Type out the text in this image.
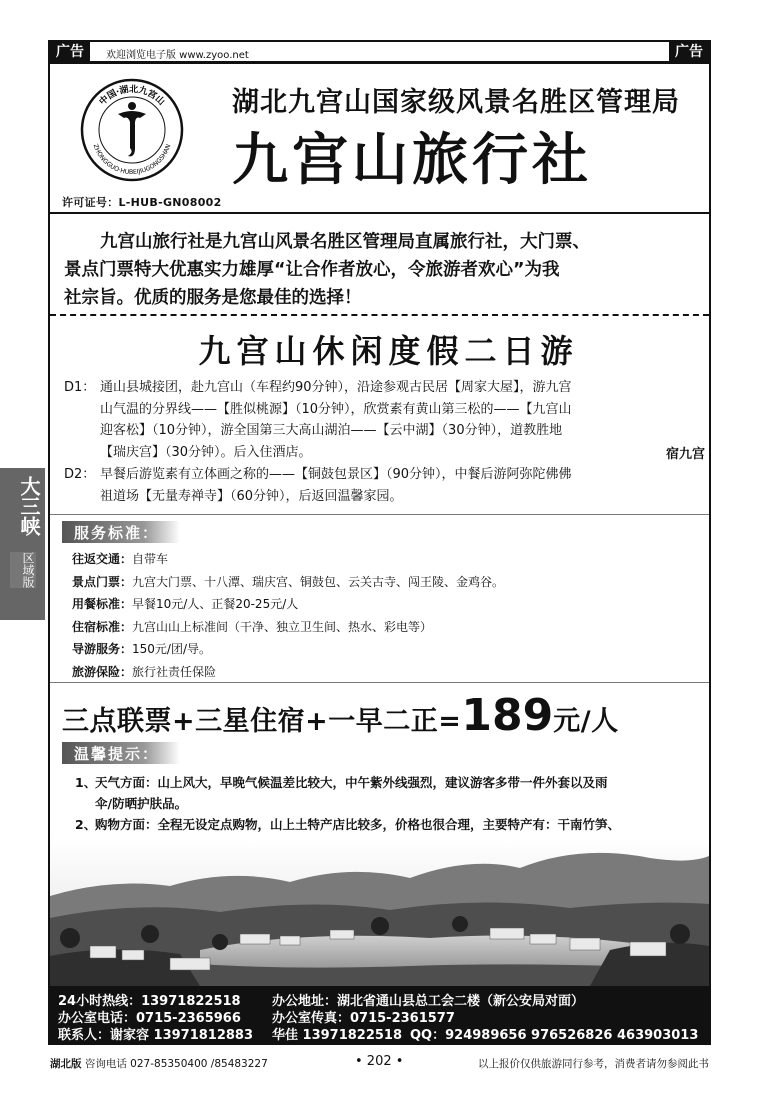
大三峡
区域版
广告	广告
欢迎浏览电子版 www.zyoo.net
中国·湖北九宫山
ZHONGGUO·HUBEIJIUGONGSHAN
许可证号：L-HUB-GN08002
湖北九宫山国家级风景名胜区管理局
九宫山旅行社
九宫山旅行社是九宫山风景名胜区管理局直属旅行社，大门票、
景点门票特大优惠实力雄厚“让合作者放心，令旅游者欢心”为我
社宗旨。优质的服务是您最佳的选择！
九宫山休闲度假二日游
D1： 通山县城接团，赴九宫山（车程约90分钟），沿途参观古民居【周家大屋】，游九宫
山气温的分界线——【胜似桃源】（10分钟），欣赏素有黄山第三松的——【九宫山
迎客松】（10分钟），游全国第三大高山湖泊——【云中湖】（30分钟），道教胜地
【瑞庆宫】（30分钟）。后入住酒店。	宿九宫
D2： 早餐后游览素有立体画之称的——【铜鼓包景区】（90分钟），中餐后游阿弥陀佛佛
祖道场【无量寿禅寺】（60分钟），后返回温馨家园。
服务标准：
往返交通：自带车
景点门票：九宫大门票、十八潭、瑞庆宫、铜鼓包、云关古寺、闯王陵、金鸡谷。
用餐标准：早餐10元/人、正餐20-25元/人
住宿标准：九宫山山上标准间（干净、独立卫生间、热水、彩电等）
导游服务：150元/团/导。
旅游保险：旅行社责任保险
三点联票+三星住宿+一早二正=189元/人
温馨提示：
1、天气方面：山上风大，早晚气候温差比较大，中午紫外线强烈，建议游客多带一件外套以及雨
伞/防晒护肤品。
2、购物方面：全程无设定点购物，山上土特产店比较多，价格也很合理，主要特产有：干南竹笋、
24小时热线：13971822518 办公地址：湖北省通山县总工会二楼（新公安局对面）
办公室电话：0715-2365966 办公室传真：0715-2361577
联系人：谢家容 13971812883 华佳 13971822518 QQ：924989656 976526826 463903013
湖北版 咨询电话 027-85350400 /85483227	• 202 •	以上报价仅供旅游同行参考，消费者请勿参阅此书
